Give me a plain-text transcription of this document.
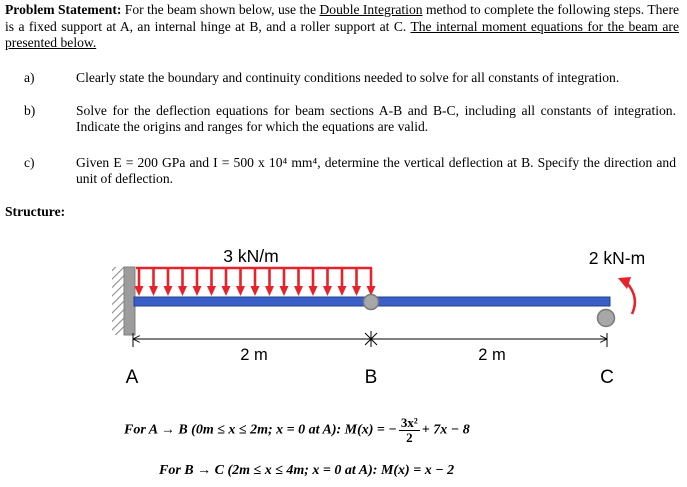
Problem Statement: For the beam shown below, use the Double Integration method to complete the following steps. There is a fixed support at A, an internal hinge at B, and a roller support at C. The internal moment equations for the beam are presented below.
a)	Clearly state the boundary and continuity conditions needed to solve for all constants of integration.
b)	Solve for the deflection equations for beam sections A-B and B-C, including all constants of integration. Indicate the origins and ranges for which the equations are valid.
c)	Given E = 200 GPa and I = 500 x 10⁴ mm⁴, determine the vertical deflection at B. Specify the direction and unit of deflection.
Structure:
3 kN/m	2 kN-m
2 m	2 m
A	B	C
For A → B (0m ≤ x ≤ 2m; x = 0 at A): M(x) = − $\frac{\text{3x²}}{2} + 7x - 8$
For B → C (2m ≤ x ≤ 4m; x = 0 at A): M(x) = x − 2
